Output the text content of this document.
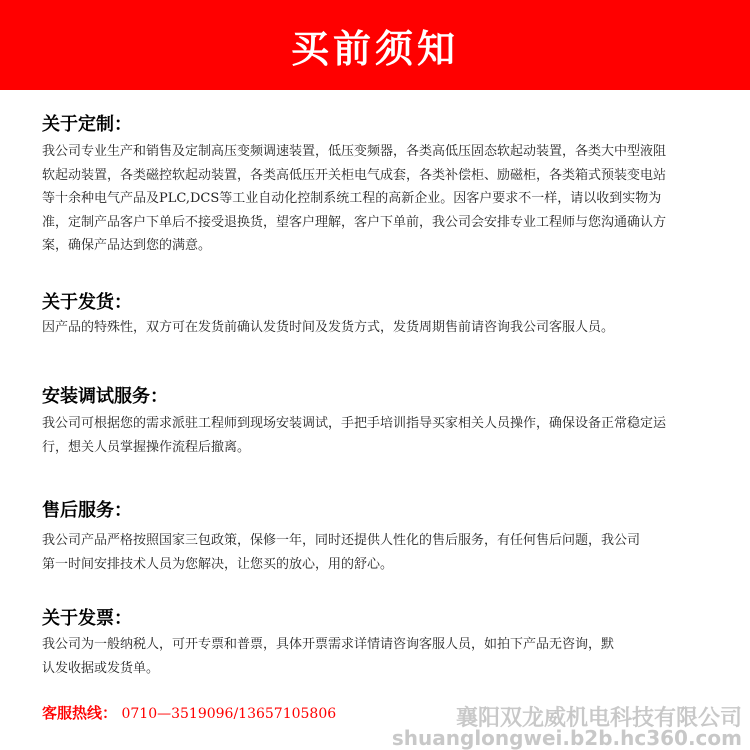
买前须知
关于定制：
我公司专业生产和销售及定制高压变频调速装置，低压变频器，各类高低压固态软起动装置，各类大中型液阻
软起动装置，各类磁控软起动装置，各类高低压开关柜电气成套，各类补偿柜、励磁柜，各类箱式预装变电站
等十余种电气产品及PLC,DCS等工业自动化控制系统工程的高新企业。因客户要求不一样，请以收到实物为
准，定制产品客户下单后不接受退换货，望客户理解，客户下单前，我公司会安排专业工程师与您沟通确认方
案，确保产品达到您的满意。
关于发货：
因产品的特殊性，双方可在发货前确认发货时间及发货方式，发货周期售前请咨询我公司客服人员。
安装调试服务：
我公司可根据您的需求派驻工程师到现场安装调试，手把手培训指导买家相关人员操作，确保设备正常稳定运
行，想关人员掌握操作流程后撤离。
售后服务：
我公司产品严格按照国家三包政策，保修一年，同时还提供人性化的售后服务，有任何售后问题，我公司
第一时间安排技术人员为您解决，让您买的放心，用的舒心。
关于发票：
我公司为一般纳税人，可开专票和普票，具体开票需求详情请咨询客服人员，如拍下产品无咨询，默
认发收据或发货单。
客服热线： 0710—3519096/13657105806	襄阳双龙威机电科技有限公司
shuanglongwei.b2b.hc360.com
